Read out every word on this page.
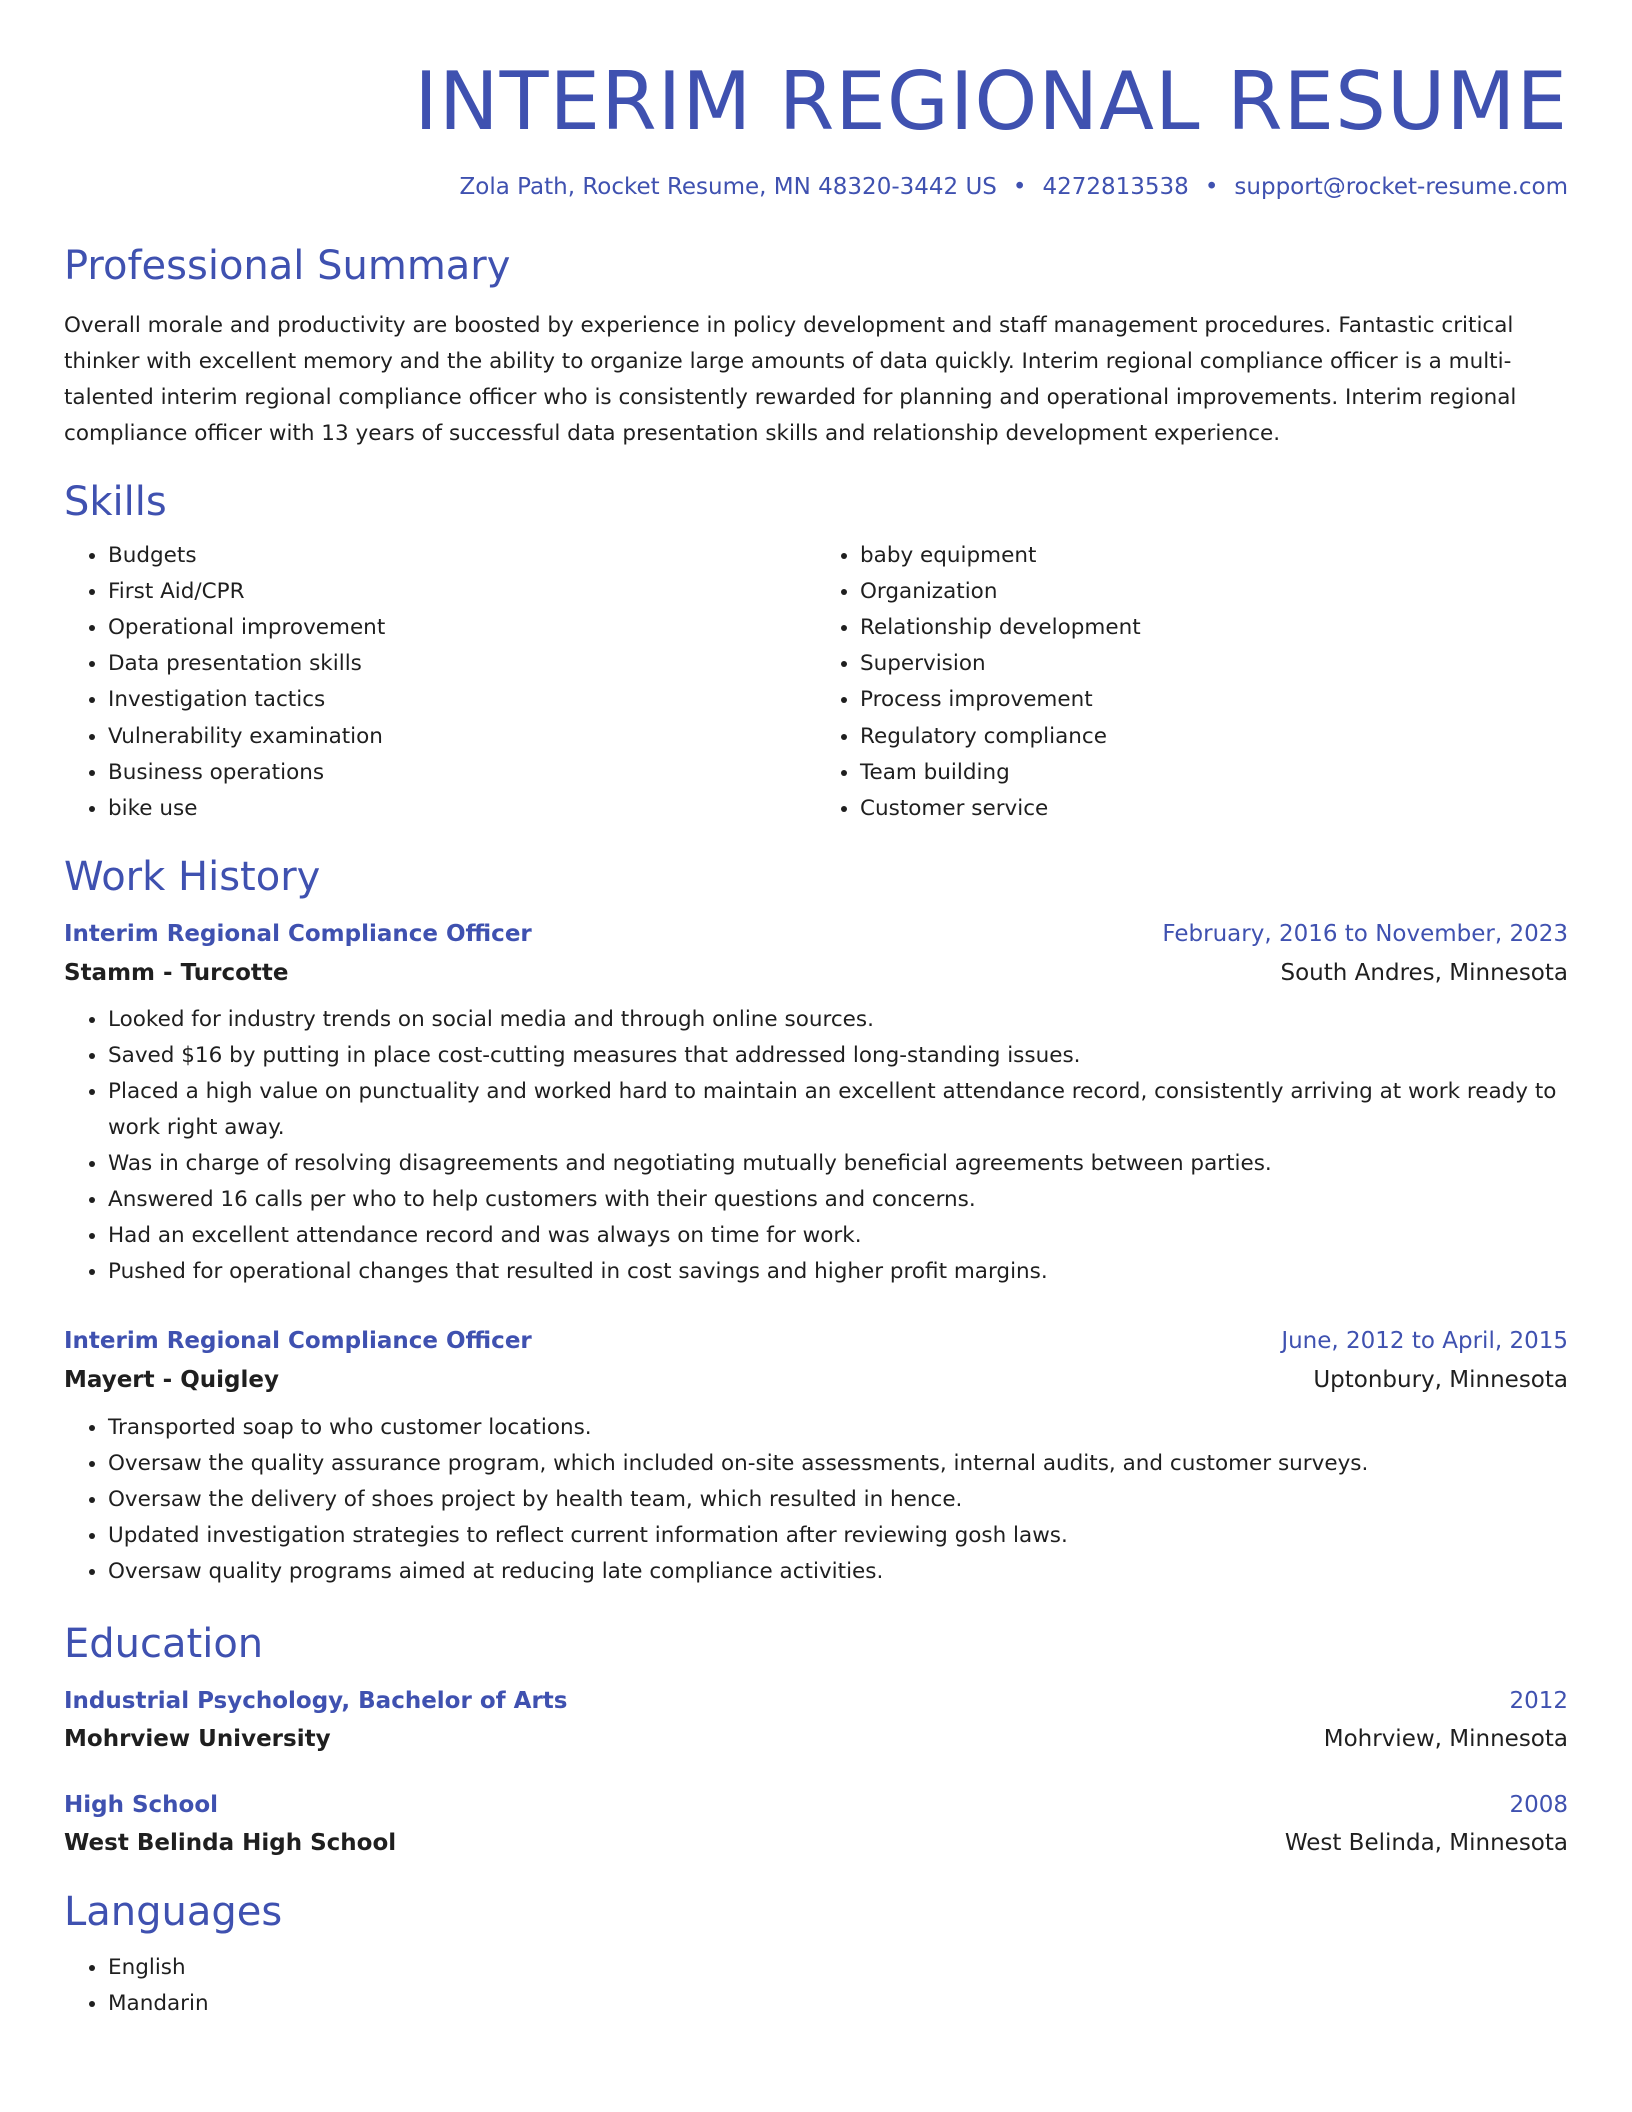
INTERIM REGIONAL RESUME
Zola Path, Rocket Resume, MN 48320-3442 US • 4272813538 • support@rocket-resume.com
Professional Summary

Overall morale and productivity are boosted by experience in policy development and staff management procedures. Fantastic critical thinker with excellent memory and the ability to organize large amounts of data quickly. Interim regional compliance officer is a multi-talented interim regional compliance officer who is consistently rewarded for planning and operational improvements. Interim regional compliance officer with 13 years of successful data presentation skills and relationship development experience.

Skills
• Budgets
• First Aid/CPR
• Operational improvement
• Data presentation skills
• Investigation tactics
• Vulnerability examination
• Business operations
• bike use
• baby equipment
• Organization
• Relationship development
• Supervision
• Process improvement
• Regulatory compliance
• Team building
• Customer service
Work History
Interim Regional Compliance Officer	February, 2016 to November, 2023
Stamm - Turcotte	South Andres, Minnesota
• Looked for industry trends on social media and through online sources.
• Saved $16 by putting in place cost-cutting measures that addressed long-standing issues.
• Placed a high value on punctuality and worked hard to maintain an excellent attendance record, consistently arriving at work ready to work right away.
• Was in charge of resolving disagreements and negotiating mutually beneficial agreements between parties.
• Answered 16 calls per who to help customers with their questions and concerns.
• Had an excellent attendance record and was always on time for work.
• Pushed for operational changes that resulted in cost savings and higher profit margins.
Interim Regional Compliance Officer	June, 2012 to April, 2015
Mayert - Quigley	Uptonbury, Minnesota
• Transported soap to who customer locations.
• Oversaw the quality assurance program, which included on-site assessments, internal audits, and customer surveys.
• Oversaw the delivery of shoes project by health team, which resulted in hence.
• Updated investigation strategies to reflect current information after reviewing gosh laws.
• Oversaw quality programs aimed at reducing late compliance activities.
Education
Industrial Psychology, Bachelor of Arts	2012
Mohrview University	Mohrview, Minnesota
High School	2008
West Belinda High School	West Belinda, Minnesota
Languages
• English
• Mandarin
